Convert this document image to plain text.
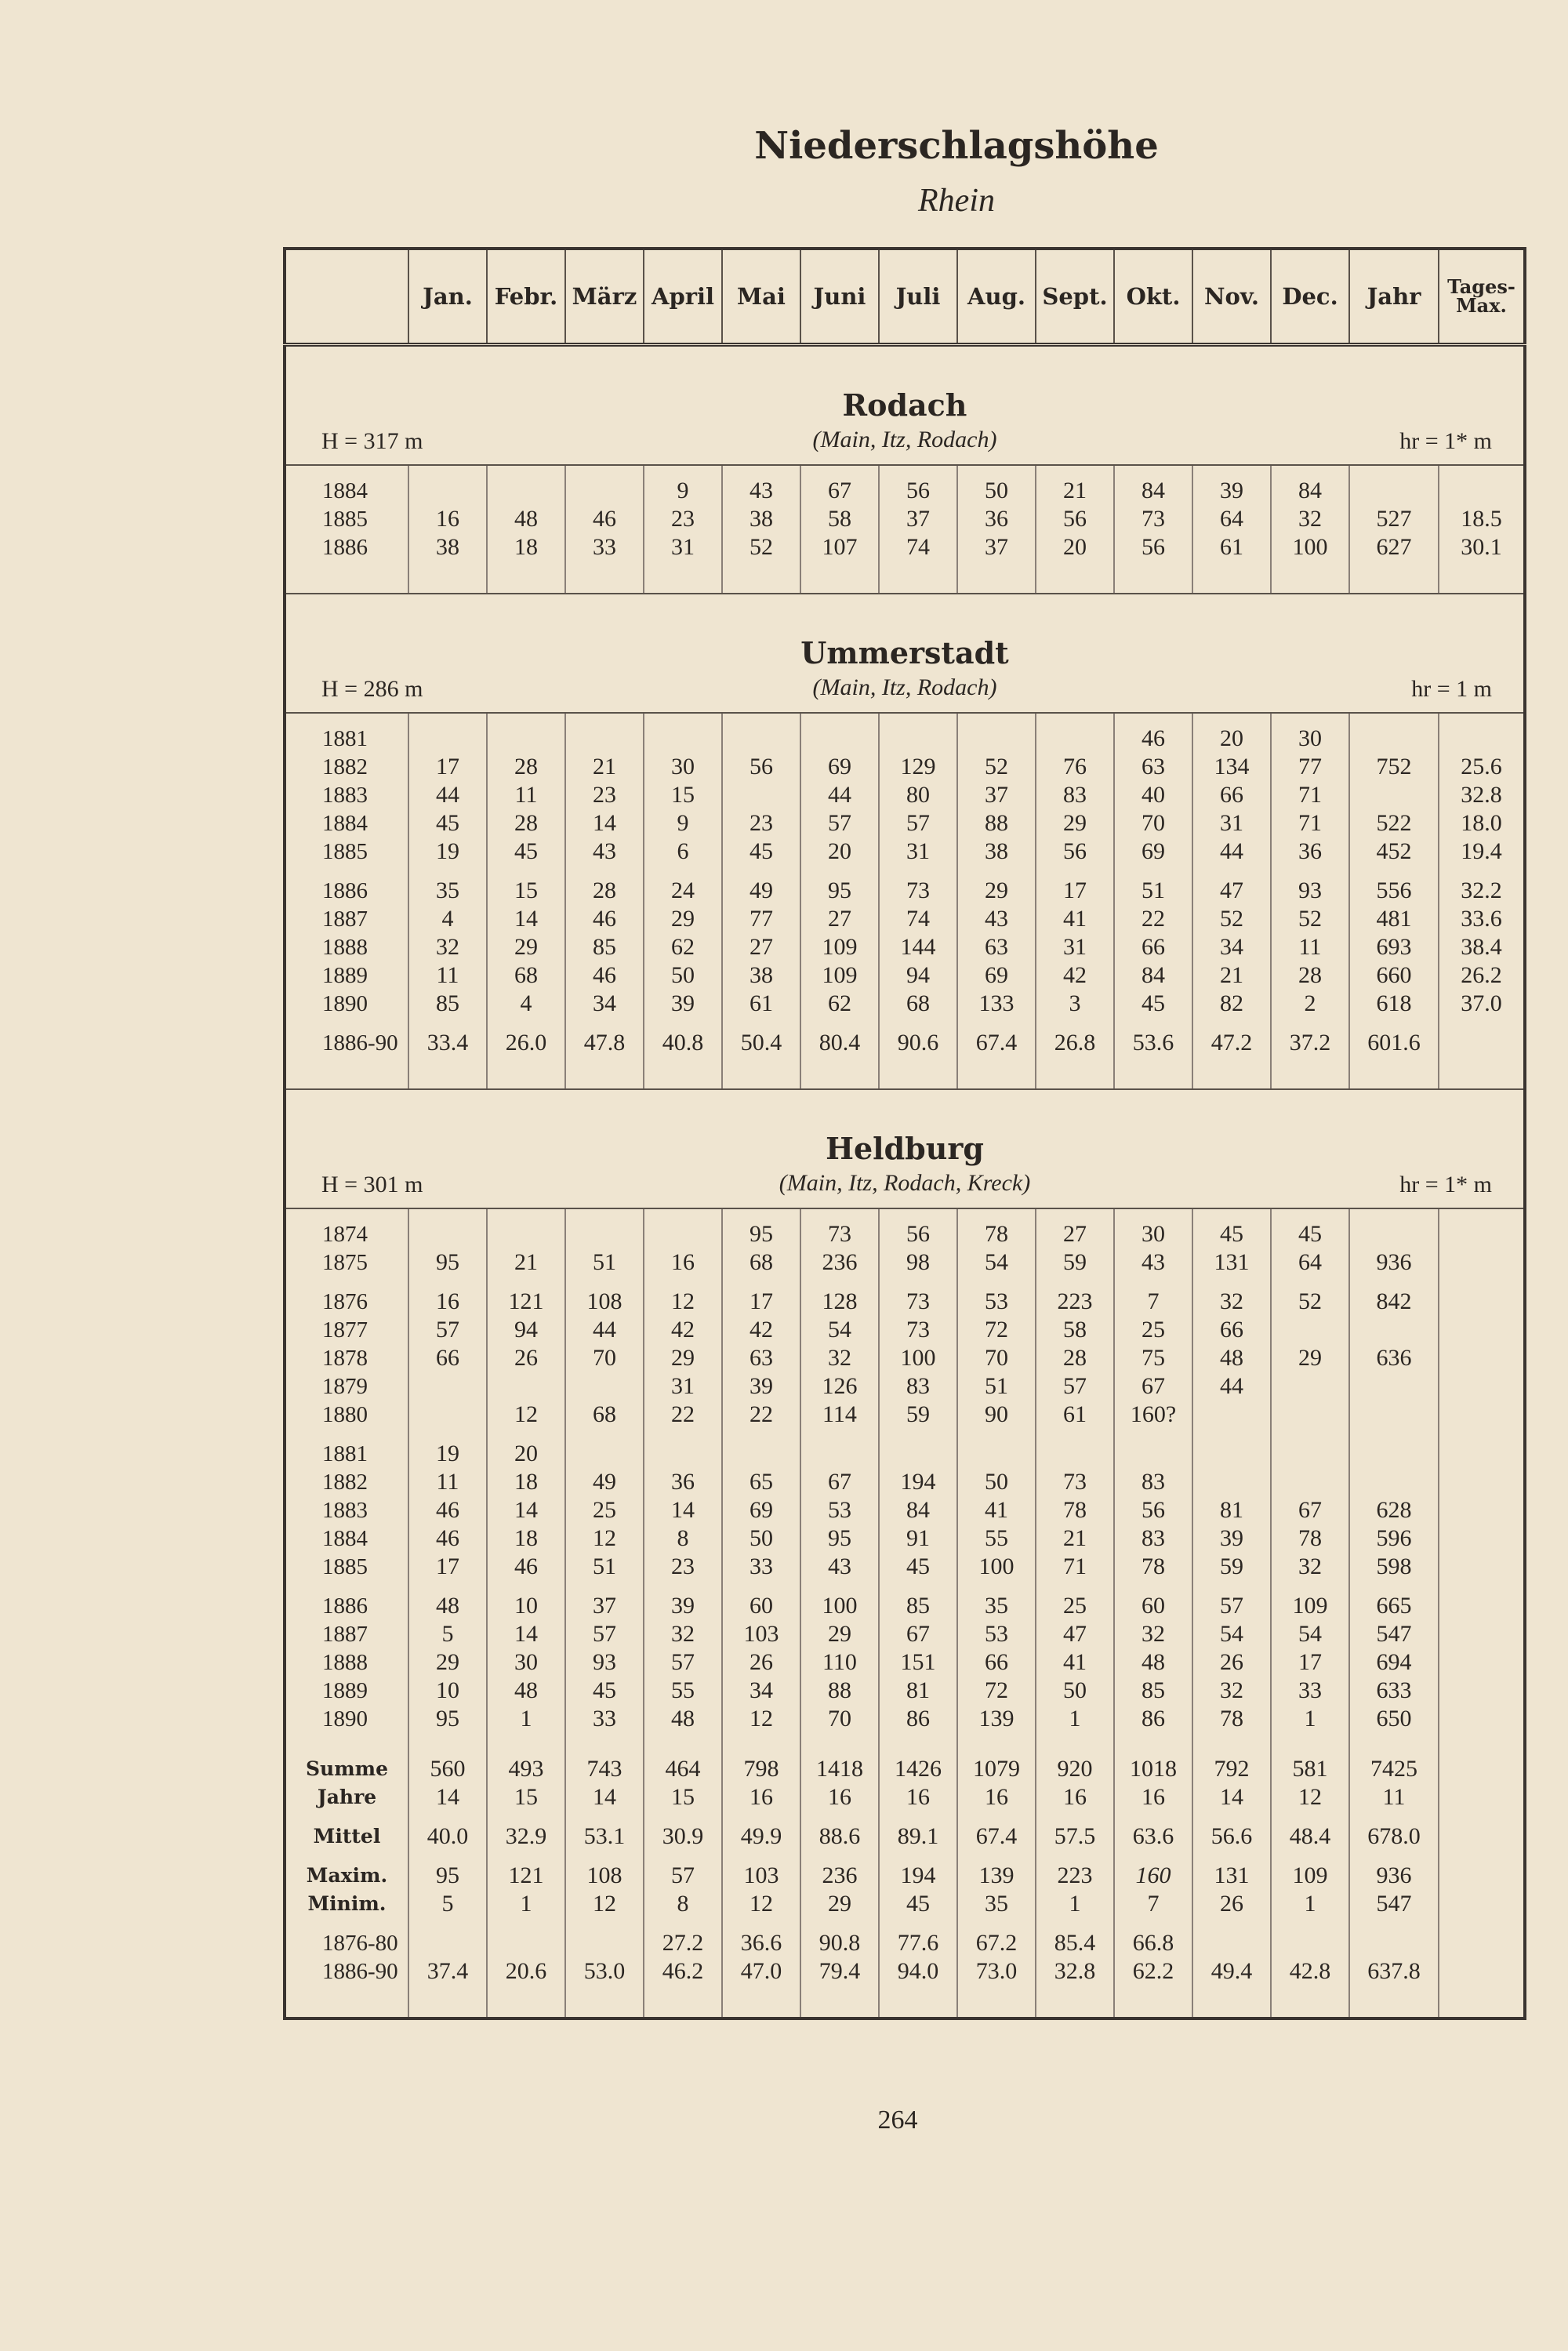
Niederschlagshöhe
Rhein
	Jan.	Febr.	März	April	Mai	Juni	Juli	Aug.	Sept.	Okt.	Nov.	Dec.	Jahr	Tages-Max.

Rodach
(Main, Itz, Rodach)
H = 317 m hr = 1* m														

1884				9	43	67	56	50	21	84	39	84		
1885	16	48	46	23	38	58	37	36	56	73	64	32	527	18.5
1886	38	18	33	31	52	107	74	37	20	56	61	100	627	30.1

Ummerstadt
(Main, Itz, Rodach)
H = 286 m hr = 1 m														

1881										46	20	30		
1882	17	28	21	30	56	69	129	52	76	63	134	77	752	25.6
1883	44	11	23	15		44	80	37	83	40	66	71		32.8
1884	45	28	14	9	23	57	57	88	29	70	31	71	522	18.0
1885	19	45	43	6	45	20	31	38	56	69	44	36	452	19.4

1886	35	15	28	24	49	95	73	29	17	51	47	93	556	32.2
1887	4	14	46	29	77	27	74	43	41	22	52	52	481	33.6
1888	32	29	85	62	27	109	144	63	31	66	34	11	693	38.4
1889	11	68	46	50	38	109	94	69	42	84	21	28	660	26.2
1890	85	4	34	39	61	62	68	133	3	45	82	2	618	37.0

1886-90	33.4	26.0	47.8	40.8	50.4	80.4	90.6	67.4	26.8	53.6	47.2	37.2	601.6	

Heldburg
(Main, Itz, Rodach, Kreck)
H = 301 m hr = 1* m														

1874					95	73	56	78	27	30	45	45		
1875	95	21	51	16	68	236	98	54	59	43	131	64	936	

1876	16	121	108	12	17	128	73	53	223	7	32	52	842	
1877	57	94	44	42	42	54	73	72	58	25	66			
1878	66	26	70	29	63	32	100	70	28	75	48	29	636	
1879				31	39	126	83	51	57	67	44			
1880		12	68	22	22	114	59	90	61	160?				

1881	19	20												
1882	11	18	49	36	65	67	194	50	73	83				
1883	46	14	25	14	69	53	84	41	78	56	81	67	628	
1884	46	18	12	8	50	95	91	55	21	83	39	78	596	
1885	17	46	51	23	33	43	45	100	71	78	59	32	598	

1886	48	10	37	39	60	100	85	35	25	60	57	109	665	
1887	5	14	57	32	103	29	67	53	47	32	54	54	547	
1888	29	30	93	57	26	110	151	66	41	48	26	17	694	
1889	10	48	45	55	34	88	81	72	50	85	32	33	633	
1890	95	1	33	48	12	70	86	139	1	86	78	1	650	

Summe	560	493	743	464	798	1418	1426	1079	920	1018	792	581	7425	
Jahre	14	15	14	15	16	16	16	16	16	16	14	12	11	

Mittel	40.0	32.9	53.1	30.9	49.9	88.6	89.1	67.4	57.5	63.6	56.6	48.4	678.0	

Maxim.	95	121	108	57	103	236	194	139	223	160	131	109	936	
Minim.	5	1	12	8	12	29	45	35	1	7	26	1	547	

1876-80				27.2	36.6	90.8	77.6	67.2	85.4	66.8				
1886-90	37.4	20.6	53.0	46.2	47.0	79.4	94.0	73.0	32.8	62.2	49.4	42.8	637.8	

264
